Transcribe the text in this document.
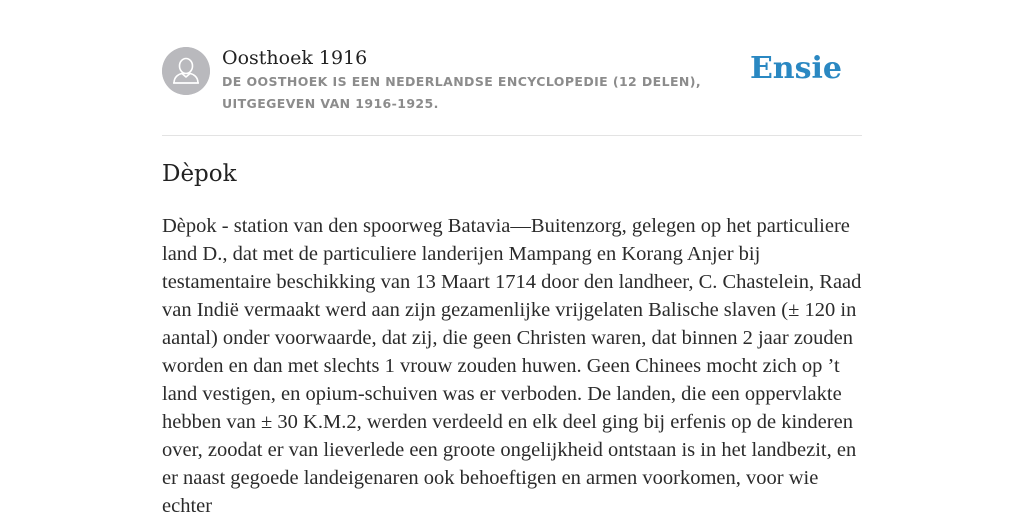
Oosthoek 1916
DE OOSTHOEK IS EEN NEDERLANDSE ENCYCLOPEDIE (12 DELEN), UITGEGEVEN VAN 1916-1925.
Ensie
Dèpok

Dèpok - station van den spoorweg Batavia—Buitenzorg, gelegen op het particuliere land D., dat met de particuliere landerijen Mampang en Korang Anjer bij testamentaire beschikking van 13 Maart 1714 door den landheer, C. Chastelein, Raad van Indië vermaakt werd aan zijn gezamenlijke vrijgelaten Balische slaven (± 120 in aantal) onder voorwaarde, dat zij, die geen Christen waren, dat binnen 2 jaar zouden worden en dan met slechts 1 vrouw zouden huwen. Geen Chinees mocht zich op ’t land vestigen, en opium-schuiven was er verboden. De landen, die een oppervlakte hebben van ± 30 K.M.2, werden verdeeld en elk deel ging bij erfenis op de kinderen over, zoodat er van lieverlede een groote ongelijkheid ontstaan is in het landbezit, en er naast gegoede landeigenaren ook behoeftigen en armen voorkomen, voor wie echter
